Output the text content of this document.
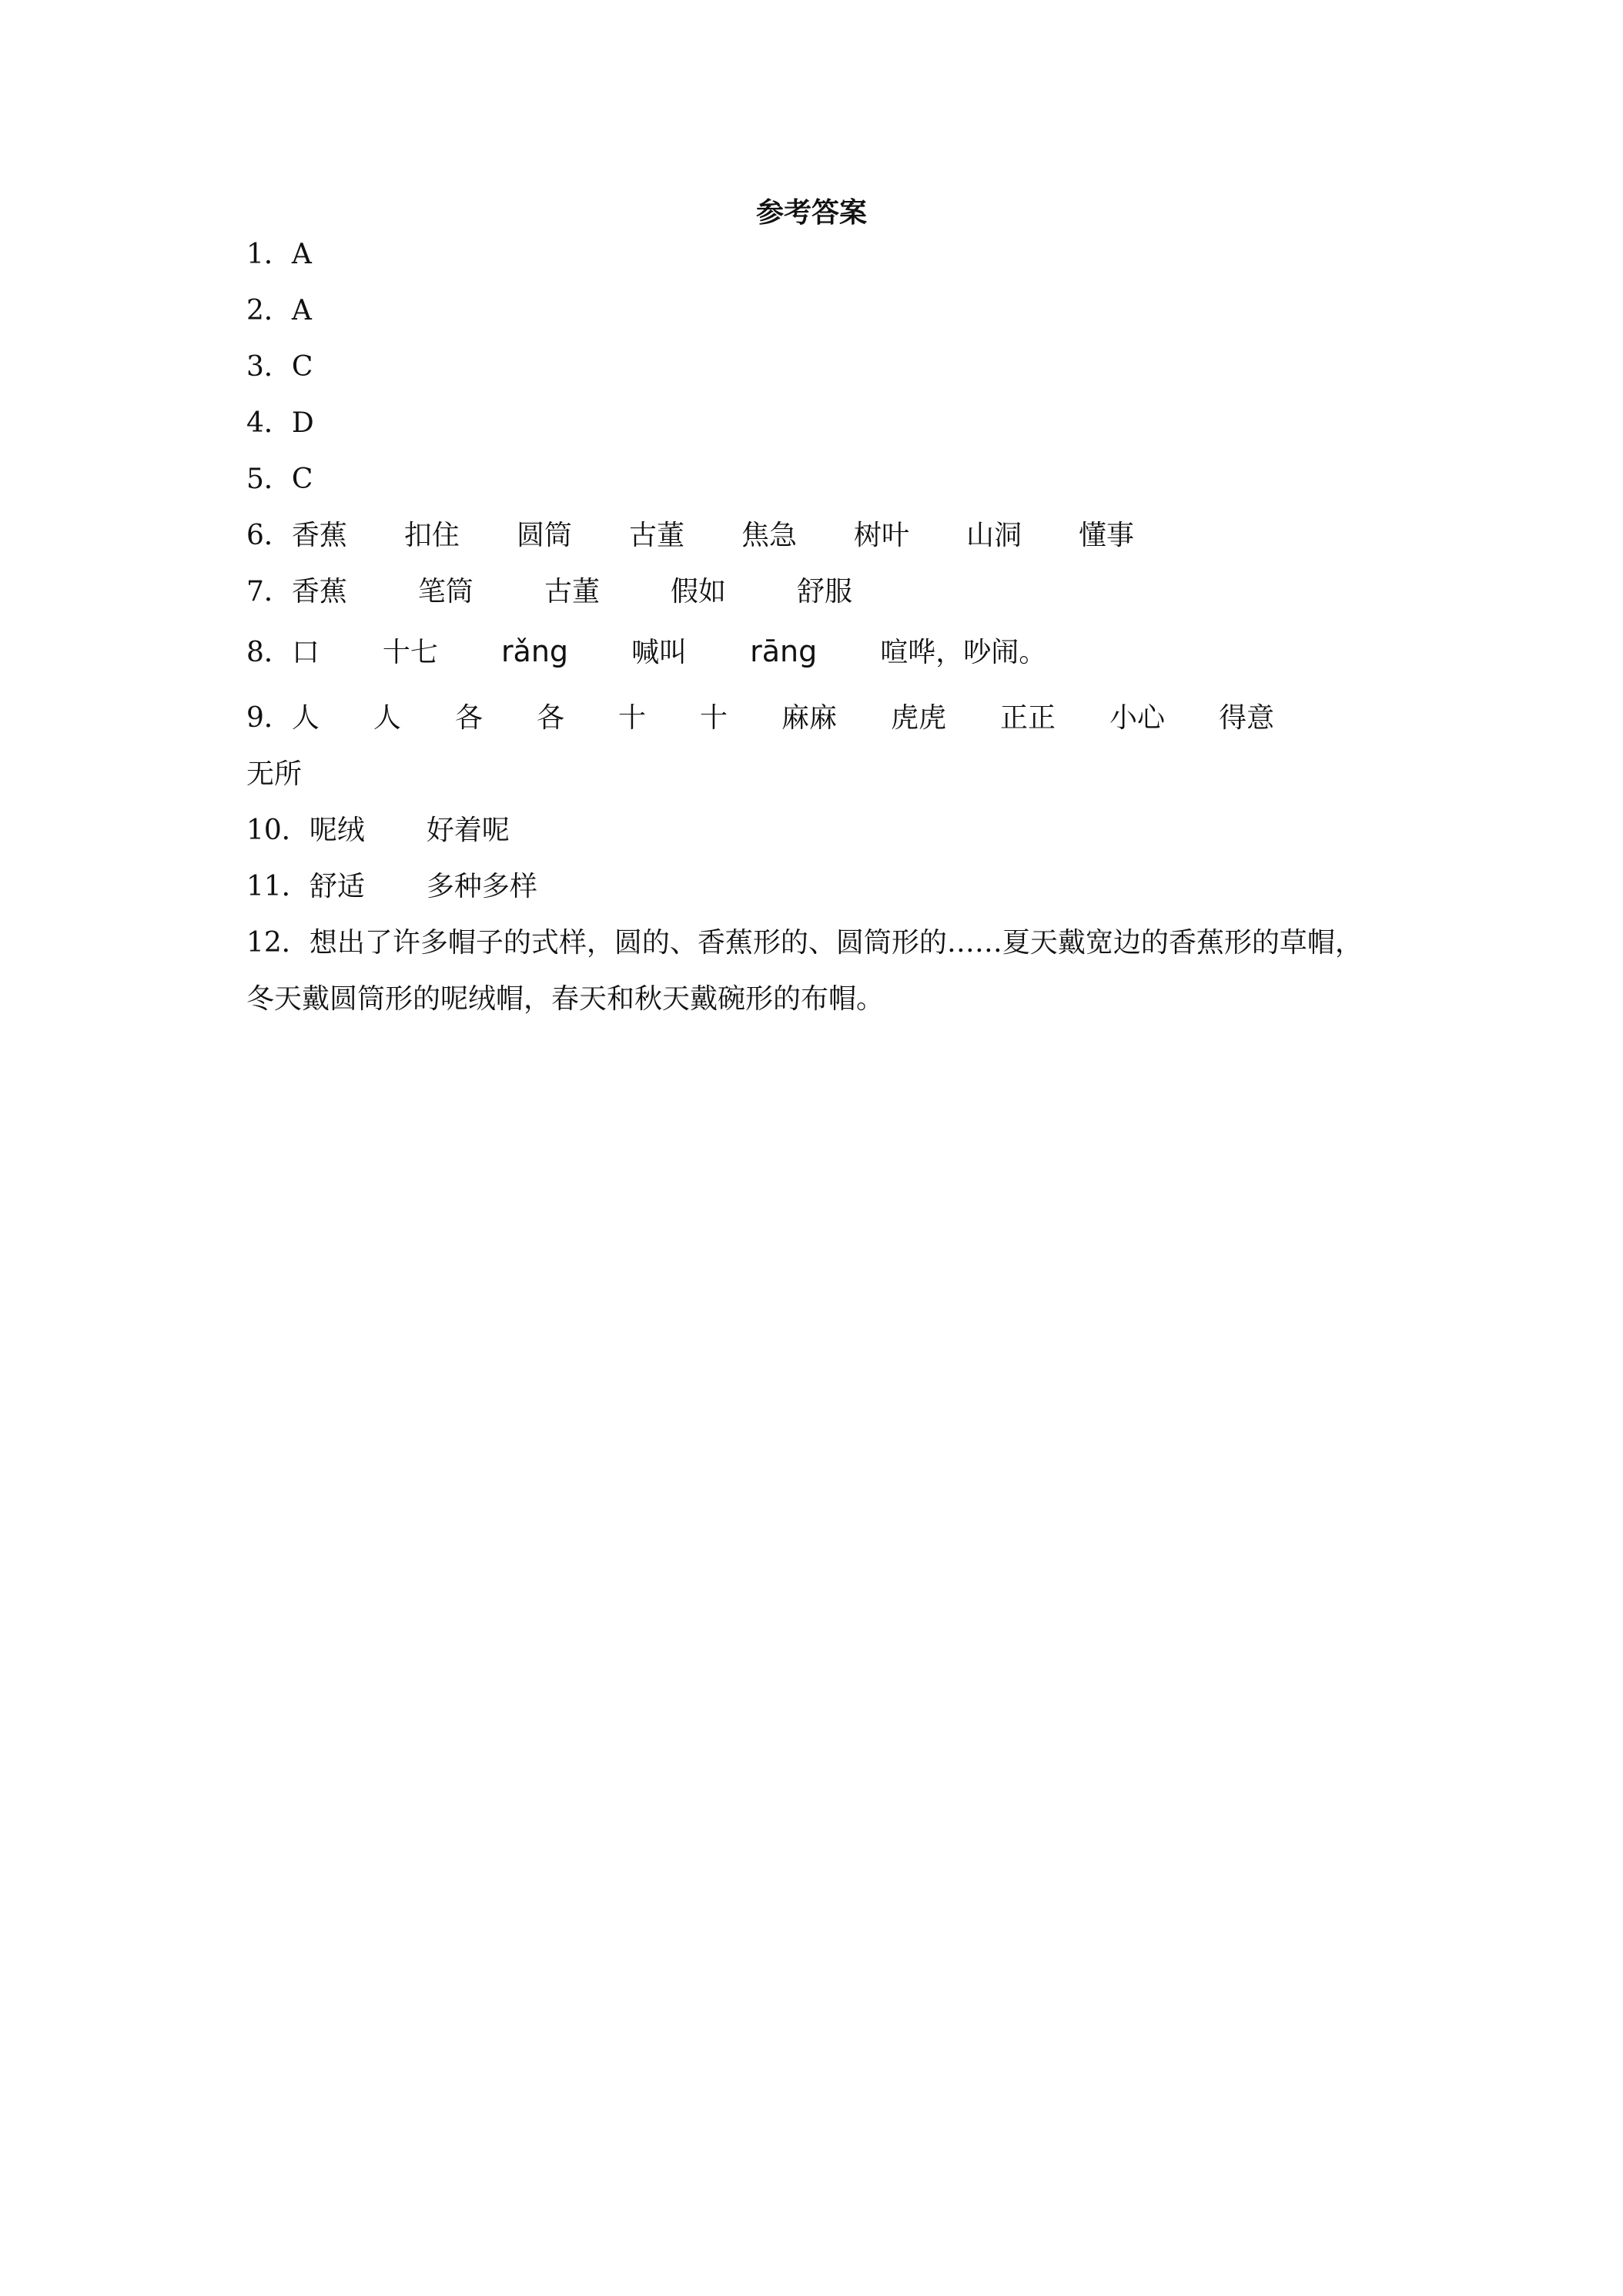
参考答案
1． A
2． A
3． C
4． D
5． C
6． 香蕉 扣住 圆筒 古董 焦急 树叶 山洞 懂事
7． 香蕉	笔筒	古董	假如	舒服
8． 口 十七 rǎng 喊叫 rāng 喧哗，吵闹。
9． 人 人 各 各 十 十 麻麻 虎虎 正正 小心 得意
无所
10． 呢绒 好着呢
11． 舒适 多种多样
12． 想出了许多帽子的式样，圆的、香蕉形的、圆筒形的……夏天戴宽边的香蕉形的草帽，
冬天戴圆筒形的呢绒帽，春天和秋天戴碗形的布帽。
